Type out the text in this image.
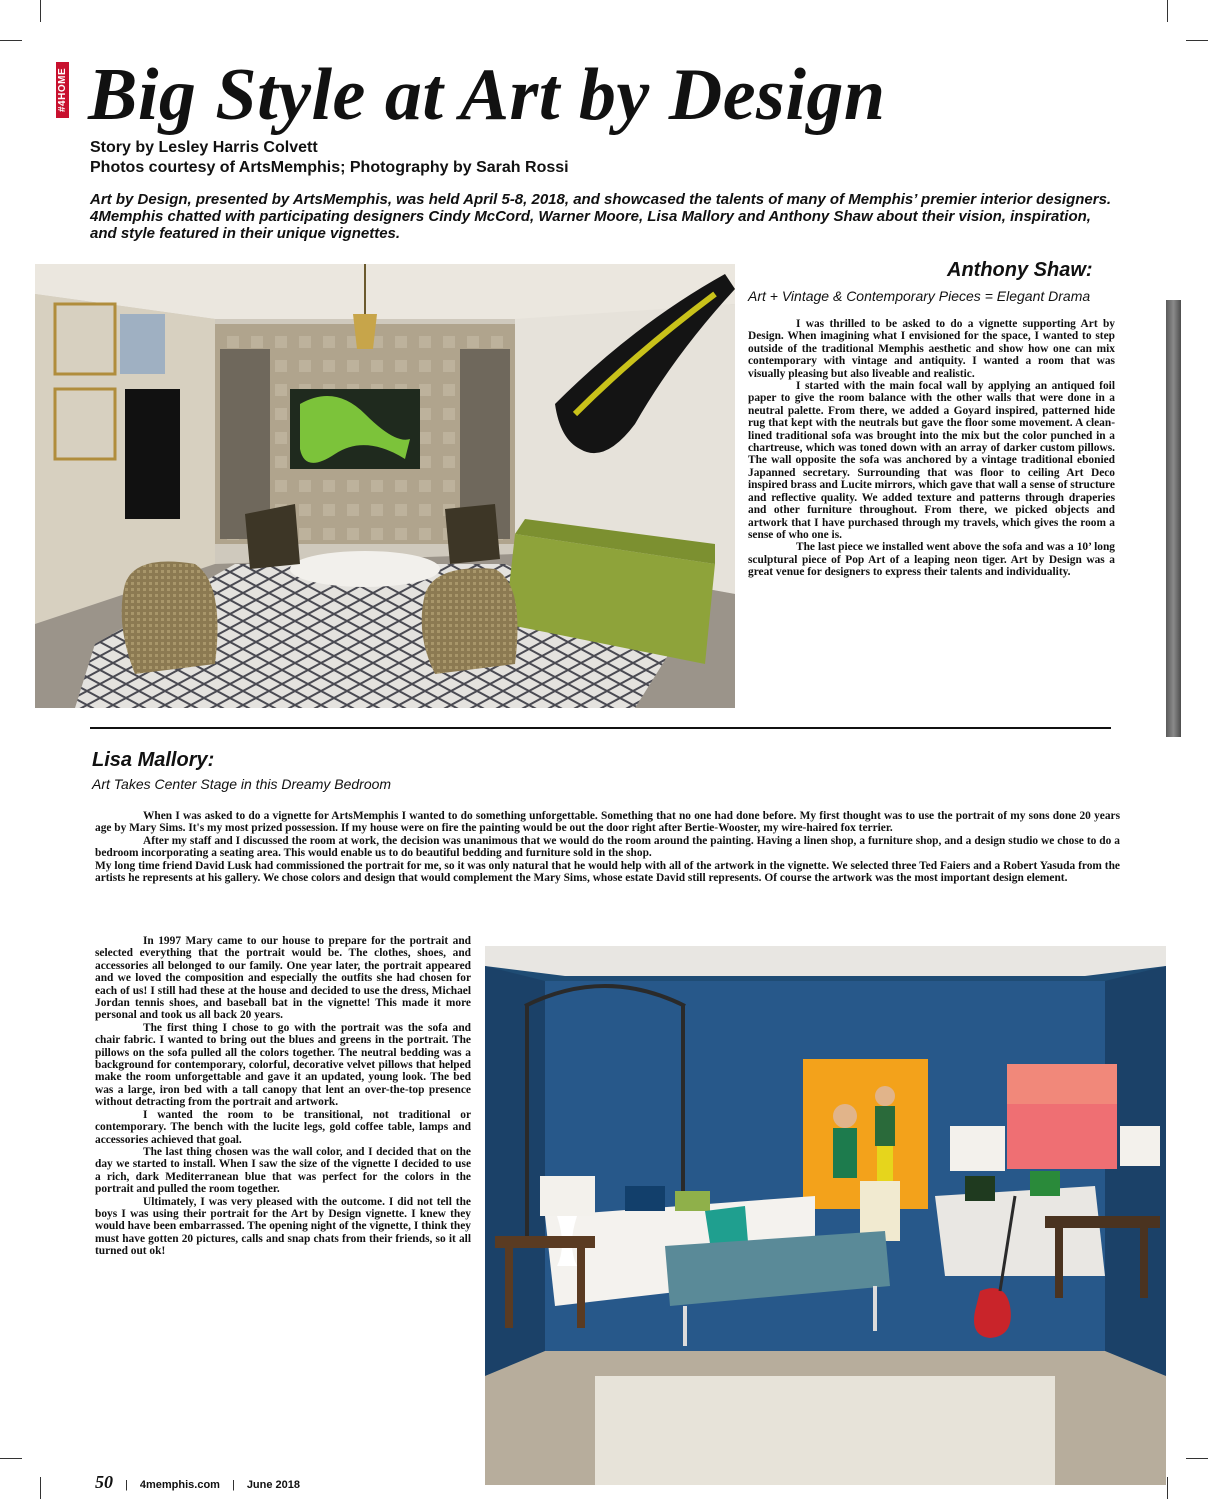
#4HOME Big Style at Art by Design
Story by Lesley Harris Colvett
Photos courtesy of ArtsMemphis; Photography by Sarah Rossi
Art by Design, presented by ArtsMemphis, was held April 5-8, 2018, and showcased the talents of many of Memphis’ premier interior designers. 4Memphis chatted with participating designers Cindy McCord, Warner Moore, Lisa Mallory and Anthony Shaw about their vision, inspiration, and style featured in their unique vignettes.
Anthony Shaw:
Art + Vintage & Contemporary Pieces = Elegant Drama

I was thrilled to be asked to do a vignette supporting Art by Design. When imagining what I envisioned for the space, I wanted to step outside of the traditional Memphis aesthetic and show how one can mix contemporary with vintage and antiquity. I wanted a room that was visually pleasing but also liveable and realistic.

I started with the main focal wall by applying an antiqued foil paper to give the room balance with the other walls that were done in a neutral palette. From there, we added a Goyard inspired, patterned hide rug that kept with the neutrals but gave the floor some movement. A clean-lined traditional sofa was brought into the mix but the color punched in a chartreuse, which was toned down with an array of darker custom pillows. The wall opposite the sofa was anchored by a vintage traditional ebonied Japanned secretary. Surrounding that was floor to ceiling Art Deco inspired brass and Lucite mirrors, which gave that wall a sense of structure and reflective quality. We added texture and patterns through draperies and other furniture throughout. From there, we picked objects and artwork that I have purchased through my travels, which gives the room a sense of who one is.

The last piece we installed went above the sofa and was a 10’ long sculptural piece of Pop Art of a leaping neon tiger. Art by Design was a great venue for designers to express their talents and individuality.

Lisa Mallory:
Art Takes Center Stage in this Dreamy Bedroom

When I was asked to do a vignette for ArtsMemphis I wanted to do something unforgettable. Something that no one had done before. My first thought was to use the portrait of my sons done 20 years age by Mary Sims. It's my most prized possession. If my house were on fire the painting would be out the door right after Bertie-Wooster, my wire-haired fox terrier.

After my staff and I discussed the room at work, the decision was unanimous that we would do the room around the painting. Having a linen shop, a furniture shop, and a design studio we chose to do a bedroom incorporating a seating area. This would enable us to do beautiful bedding and furniture sold in the shop.

My long time friend David Lusk had commissioned the portrait for me, so it was only natural that he would help with all of the artwork in the vignette. We selected three Ted Faiers and a Robert Yasuda from the artists he represents at his gallery. We chose colors and design that would complement the Mary Sims, whose estate David still represents. Of course the artwork was the most important design element.

In 1997 Mary came to our house to prepare for the portrait and selected everything that the portrait would be. The clothes, shoes, and accessories all belonged to our family. One year later, the portrait appeared and we loved the composition and especially the outfits she had chosen for each of us! I still had these at the house and decided to use the dress, Michael Jordan tennis shoes, and baseball bat in the vignette! This made it more personal and took us all back 20 years.

The first thing I chose to go with the portrait was the sofa and chair fabric. I wanted to bring out the blues and greens in the portrait. The pillows on the sofa pulled all the colors together. The neutral bedding was a background for contemporary, colorful, decorative velvet pillows that helped make the room unforgettable and gave it an updated, young look. The bed was a large, iron bed with a tall canopy that lent an over-the-top presence without detracting from the portrait and artwork.

I wanted the room to be transitional, not traditional or contemporary. The bench with the lucite legs, gold coffee table, lamps and accessories achieved that goal.

The last thing chosen was the wall color, and I decided that on the day we started to install. When I saw the size of the vignette I decided to use a rich, dark Mediterranean blue that was perfect for the colors in the portrait and pulled the room together.

Ultimately, I was very pleased with the outcome. I did not tell the boys I was using their portrait for the Art by Design vignette. I knew they would have been embarrassed. The opening night of the vignette, I think they must have gotten 20 pictures, calls and snap chats from their friends, so it all turned out ok!

50 | 4memphis.com | June 2018
